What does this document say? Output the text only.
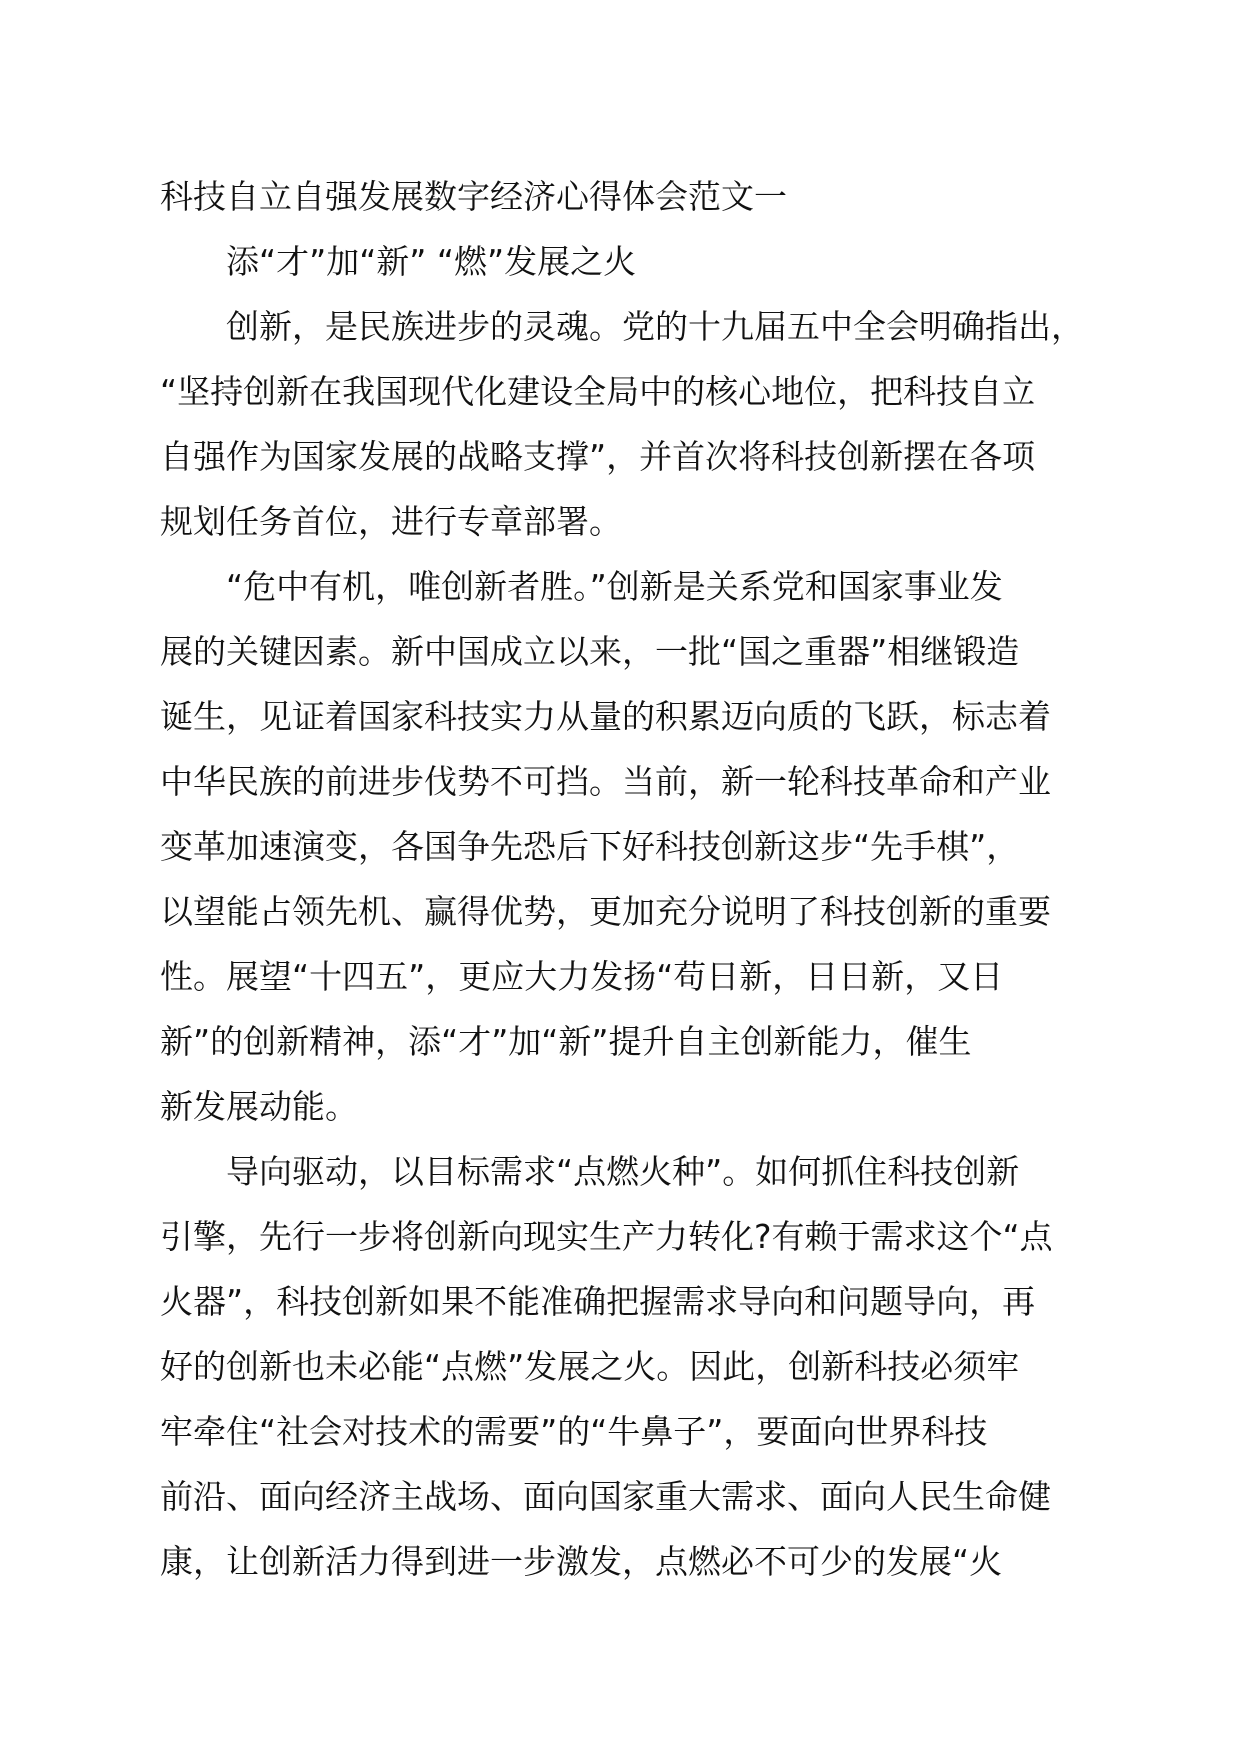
科技自立自强发展数字经济心得体会范文一
添“才”加“新” “燃”发展之火
创新，是民族进步的灵魂。党的十九届五中全会明确指出，
“坚持创新在我国现代化建设全局中的核心地位，把科技自立
自强作为国家发展的战略支撑”，并首次将科技创新摆在各项
规划任务首位，进行专章部署。
“危中有机，唯创新者胜。”创新是关系党和国家事业发
展的关键因素。新中国成立以来，一批“国之重器”相继锻造
诞生，见证着国家科技实力从量的积累迈向质的飞跃，标志着
中华民族的前进步伐势不可挡。当前，新一轮科技革命和产业
变革加速演变，各国争先恐后下好科技创新这步“先手棋”，
以望能占领先机、赢得优势，更加充分说明了科技创新的重要
性。展望“十四五”，更应大力发扬“苟日新，日日新，又日
新”的创新精神，添“才”加“新”提升自主创新能力，催生
新发展动能。
导向驱动，以目标需求“点燃火种”。如何抓住科技创新
引擎，先行一步将创新向现实生产力转化?有赖于需求这个“点
火器”，科技创新如果不能准确把握需求导向和问题导向，再
好的创新也未必能“点燃”发展之火。因此，创新科技必须牢
牢牵住“社会对技术的需要”的“牛鼻子”，要面向世界科技
前沿、面向经济主战场、面向国家重大需求、面向人民生命健
康，让创新活力得到进一步激发，点燃必不可少的发展“火
